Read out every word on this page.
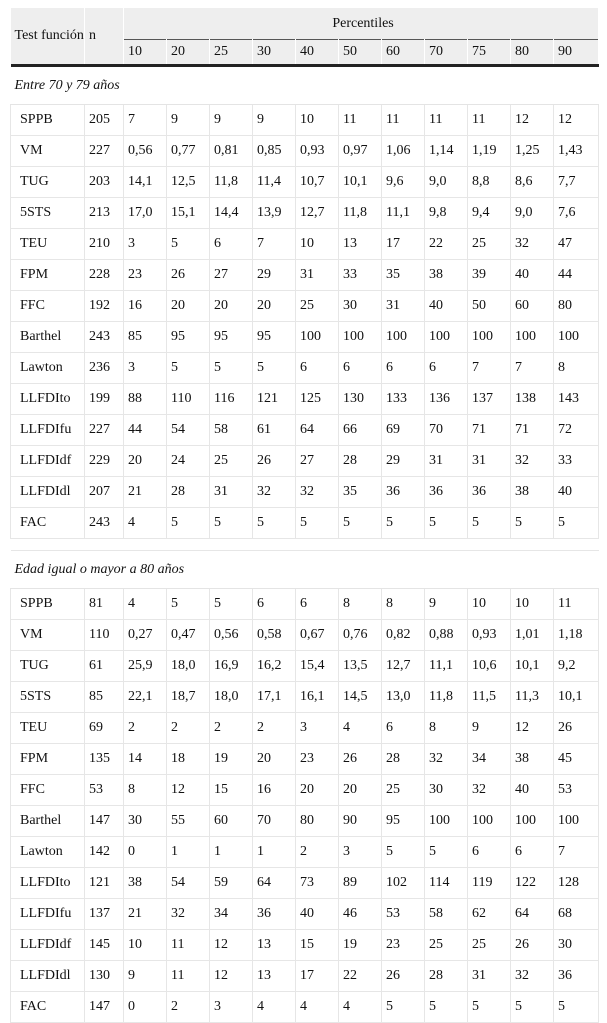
Test función	n	Percentiles										
		10	20	25	30	40	50	60	70	75	80	90

Entre 70 y 79 años												
SPPB	205	7	9	9	9	10	11	11	11	11	12	12
VM	227	0,56	0,77	0,81	0,85	0,93	0,97	1,06	1,14	1,19	1,25	1,43
TUG	203	14,1	12,5	11,8	11,4	10,7	10,1	9,6	9,0	8,8	8,6	7,7
5STS	213	17,0	15,1	14,4	13,9	12,7	11,8	11,1	9,8	9,4	9,0	7,6
TEU	210	3	5	6	7	10	13	17	22	25	32	47
FPM	228	23	26	27	29	31	33	35	38	39	40	44
FFC	192	16	20	20	20	25	30	31	40	50	60	80
Barthel	243	85	95	95	95	100	100	100	100	100	100	100
Lawton	236	3	5	5	5	6	6	6	6	7	7	8
LLFDIto	199	88	110	116	121	125	130	133	136	137	138	143
LLFDIfu	227	44	54	58	61	64	66	69	70	71	71	72
LLFDIdf	229	20	24	25	26	27	28	29	31	31	32	33
LLFDIdl	207	21	28	31	32	32	35	36	36	36	38	40
FAC	243	4	5	5	5	5	5	5	5	5	5	5

Edad igual o mayor a 80 años												
SPPB	81	4	5	5	6	6	8	8	9	10	10	11
VM	110	0,27	0,47	0,56	0,58	0,67	0,76	0,82	0,88	0,93	1,01	1,18
TUG	61	25,9	18,0	16,9	16,2	15,4	13,5	12,7	11,1	10,6	10,1	9,2
5STS	85	22,1	18,7	18,0	17,1	16,1	14,5	13,0	11,8	11,5	11,3	10,1
TEU	69	2	2	2	2	3	4	6	8	9	12	26
FPM	135	14	18	19	20	23	26	28	32	34	38	45
FFC	53	8	12	15	16	20	20	25	30	32	40	53
Barthel	147	30	55	60	70	80	90	95	100	100	100	100
Lawton	142	0	1	1	1	2	3	5	5	6	6	7
LLFDIto	121	38	54	59	64	73	89	102	114	119	122	128
LLFDIfu	137	21	32	34	36	40	46	53	58	62	64	68
LLFDIdf	145	10	11	12	13	15	19	23	25	25	26	30
LLFDIdl	130	9	11	12	13	17	22	26	28	31	32	36
FAC	147	0	2	3	4	4	4	5	5	5	5	5
